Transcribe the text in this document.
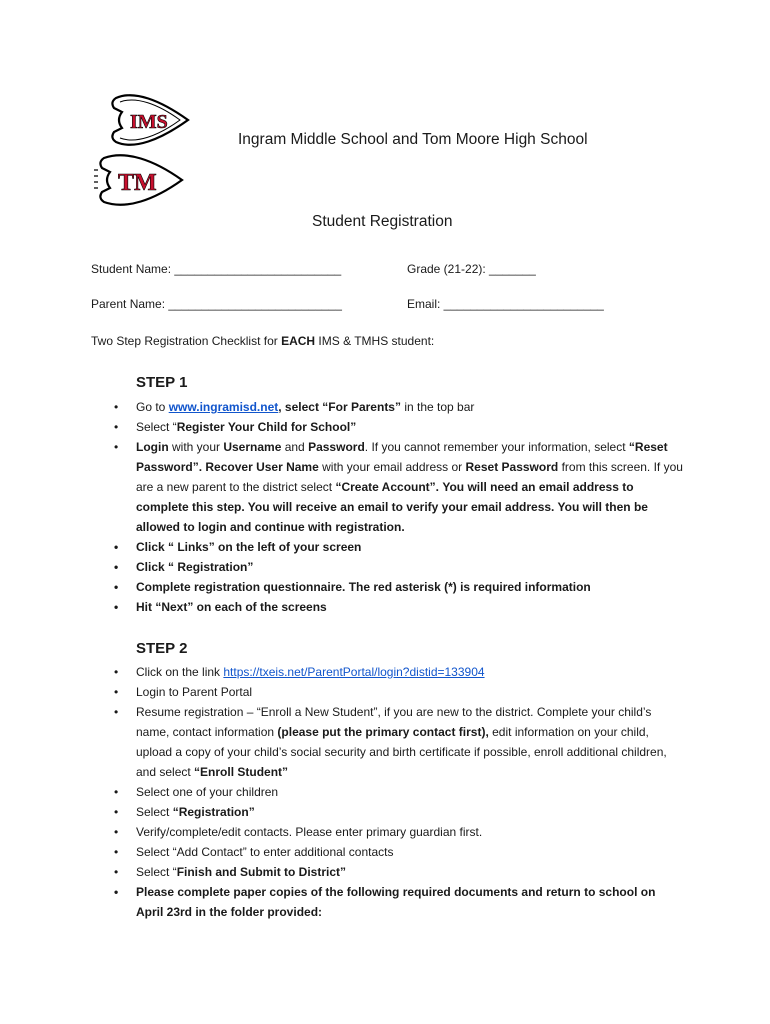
IMS
TM
Ingram Middle School and Tom Moore High School
Student Registration
Student Name: _________________________	Grade (21-22): _______
Parent Name: __________________________	Email: ________________________
Two Step Registration Checklist for EACH IMS & TMHS student:
STEP 1
• Go to www.ingramisd.net, select “For Parents” in the top bar
• Select “Register Your Child for School”
• Login with your Username and Password. If you cannot remember your information, select “Reset Password”. Recover User Name with your email address or Reset Password from this screen. If you are a new parent to the district select “Create Account”. You will need an email address to complete this step. You will receive an email to verify your email address. You will then be allowed to login and continue with registration.
• Click “ Links” on the left of your screen
• Click “ Registration”
• Complete registration questionnaire. The red asterisk (*) is required information
• Hit “Next” on each of the screens
STEP 2
• Click on the link https://txeis.net/ParentPortal/login?distid=133904
• Login to Parent Portal
• Resume registration – “Enroll a New Student”, if you are new to the district. Complete your child’s name, contact information (please put the primary contact first), edit information on your child, upload a copy of your child’s social security and birth certificate if possible, enroll additional children, and select “Enroll Student”
• Select one of your children
• Select “Registration”
• Verify/complete/edit contacts. Please enter primary guardian first.
• Select “Add Contact” to enter additional contacts
• Select “Finish and Submit to District”
• Please complete paper copies of the following required documents and return to school on April 23rd in the folder provided:
